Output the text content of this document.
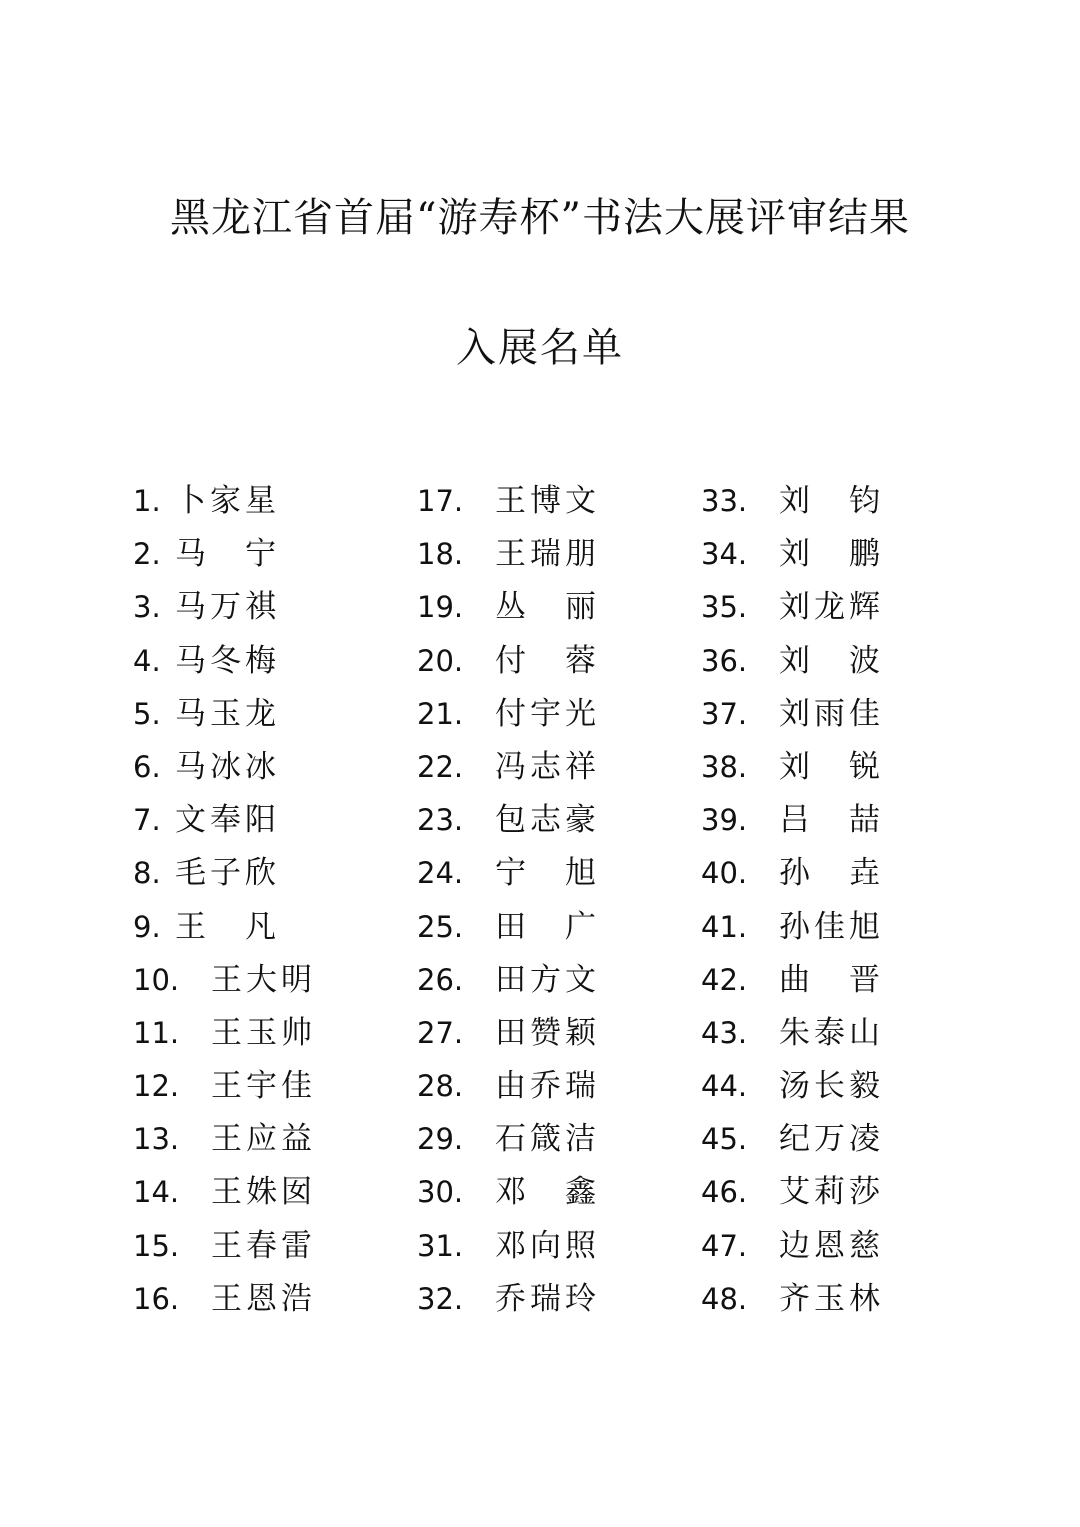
黑龙江省首届“游寿杯”书法大展评审结果
入展名单
1. 卜家星
2. 马　宁
3. 马万祺
4. 马冬梅
5. 马玉龙
6. 马冰冰
7. 文奉阳
8. 毛子欣
9. 王　凡
10. 王大明
11. 王玉帅
12. 王宇佳
13. 王应益
14. 王姝囡
15. 王春雷
16. 王恩浩
17. 王博文
18. 王瑞朋
19. 丛　丽
20. 付　蓉
21. 付宇光
22. 冯志祥
23. 包志豪
24. 宁　旭
25. 田　广
26. 田方文
27. 田赞颖
28. 由乔瑞
29. 石箴洁
30. 邓　鑫
31. 邓向照
32. 乔瑞玲
33. 刘　钧
34. 刘　鹏
35. 刘龙辉
36. 刘　波
37. 刘雨佳
38. 刘　锐
39. 吕　喆
40. 孙　垚
41. 孙佳旭
42. 曲　晋
43. 朱泰山
44. 汤长毅
45. 纪万凌
46. 艾莉莎
47. 边恩慈
48. 齐玉林
